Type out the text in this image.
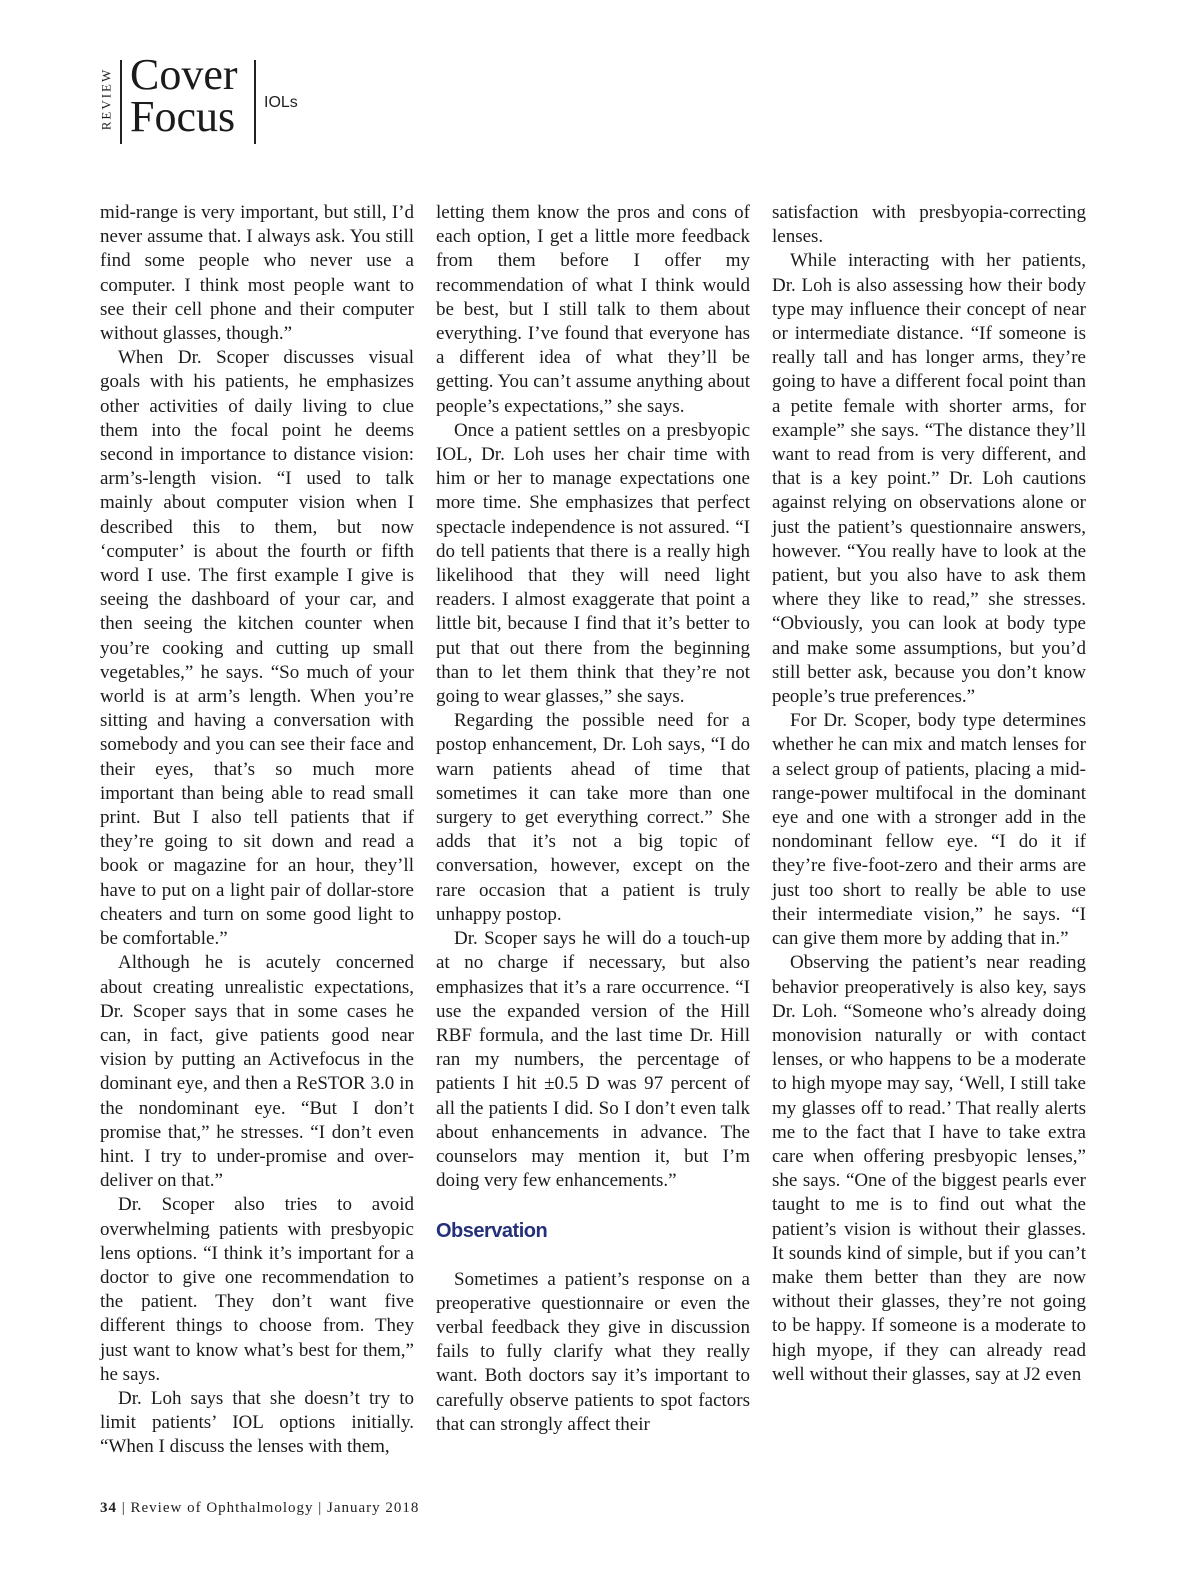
REVIEW Cover
Focus IOLs

mid-range is very important, but still, I’d never assume that. I always ask. You still find some people who never use a computer. I think most people want to see their cell phone and their computer without glasses, though.”

When Dr. Scoper discusses visual goals with his patients, he emphasizes other activities of daily living to clue them into the focal point he deems second in importance to distance vision: arm’s-length vision. “I used to talk mainly about computer vision when I described this to them, but now ‘computer’ is about the fourth or fifth word I use. The first example I give is seeing the dashboard of your car, and then seeing the kitchen counter when you’re cooking and cutting up small vegetables,” he says. “So much of your world is at arm’s length. When you’re sitting and having a conversation with somebody and you can see their face and their eyes, that’s so much more important than being able to read small print. But I also tell patients that if they’re going to sit down and read a book or magazine for an hour, they’ll have to put on a light pair of dollar-store cheaters and turn on some good light to be comfortable.”

Although he is acutely concerned about creating unrealistic expectations, Dr. Scoper says that in some cases he can, in fact, give patients good near vision by putting an Activefocus in the dominant eye, and then a ReSTOR 3.0 in the nondominant eye. “But I don’t promise that,” he stresses. “I don’t even hint. I try to under-promise and over-deliver on that.”

Dr. Scoper also tries to avoid overwhelming patients with presbyopic lens options. “I think it’s important for a doctor to give one recommendation to the patient. They don’t want five different things to choose from. They just want to know what’s best for them,” he says.

Dr. Loh says that she doesn’t try to limit patients’ IOL options initially. “When I discuss the lenses with them,

letting them know the pros and cons of each option, I get a little more feedback from them before I offer my recommendation of what I think would be best, but I still talk to them about everything. I’ve found that everyone has a different idea of what they’ll be getting. You can’t assume anything about people’s expectations,” she says.

Once a patient settles on a presbyopic IOL, Dr. Loh uses her chair time with him or her to manage expectations one more time. She emphasizes that perfect spectacle independence is not assured. “I do tell patients that there is a really high likelihood that they will need light readers. I almost exaggerate that point a little bit, because I find that it’s better to put that out there from the beginning than to let them think that they’re not going to wear glasses,” she says.

Regarding the possible need for a postop enhancement, Dr. Loh says, “I do warn patients ahead of time that sometimes it can take more than one surgery to get everything correct.” She adds that it’s not a big topic of conversation, however, except on the rare occasion that a patient is truly unhappy postop.

Dr. Scoper says he will do a touch-up at no charge if necessary, but also emphasizes that it’s a rare occurrence. “I use the expanded version of the Hill RBF formula, and the last time Dr. Hill ran my numbers, the percentage of patients I hit ±0.5 D was 97 percent of all the patients I did. So I don’t even talk about enhancements in advance. The counselors may mention it, but I’m doing very few enhancements.”

Observation

Sometimes a patient’s response on a preoperative questionnaire or even the verbal feedback they give in discussion fails to fully clarify what they really want. Both doctors say it’s important to carefully observe patients to spot factors that can strongly affect their

satisfaction with presbyopia-correcting lenses.

While interacting with her patients, Dr. Loh is also assessing how their body type may influence their concept of near or intermediate distance. “If someone is really tall and has longer arms, they’re going to have a different focal point than a petite female with shorter arms, for example” she says. “The distance they’ll want to read from is very different, and that is a key point.” Dr. Loh cautions against relying on observations alone or just the patient’s questionnaire answers, however. “You really have to look at the patient, but you also have to ask them where they like to read,” she stresses. “Obviously, you can look at body type and make some assumptions, but you’d still better ask, because you don’t know people’s true preferences.”

For Dr. Scoper, body type determines whether he can mix and match lenses for a select group of patients, placing a mid-range-power multifocal in the dominant eye and one with a stronger add in the nondominant fellow eye. “I do it if they’re five-foot-zero and their arms are just too short to really be able to use their intermediate vision,” he says. “I can give them more by adding that in.”

Observing the patient’s near reading behavior preoperatively is also key, says Dr. Loh. “Someone who’s already doing monovision naturally or with contact lenses, or who happens to be a moderate to high myope may say, ‘Well, I still take my glasses off to read.’ That really alerts me to the fact that I have to take extra care when offering presbyopic lenses,” she says. “One of the biggest pearls ever taught to me is to find out what the patient’s vision is without their glasses. It sounds kind of simple, but if you can’t make them better than they are now without their glasses, they’re not going to be happy. If someone is a moderate to high myope, if they can already read well without their glasses, say at J2 even

34 | Review of Ophthalmology | January 2018
